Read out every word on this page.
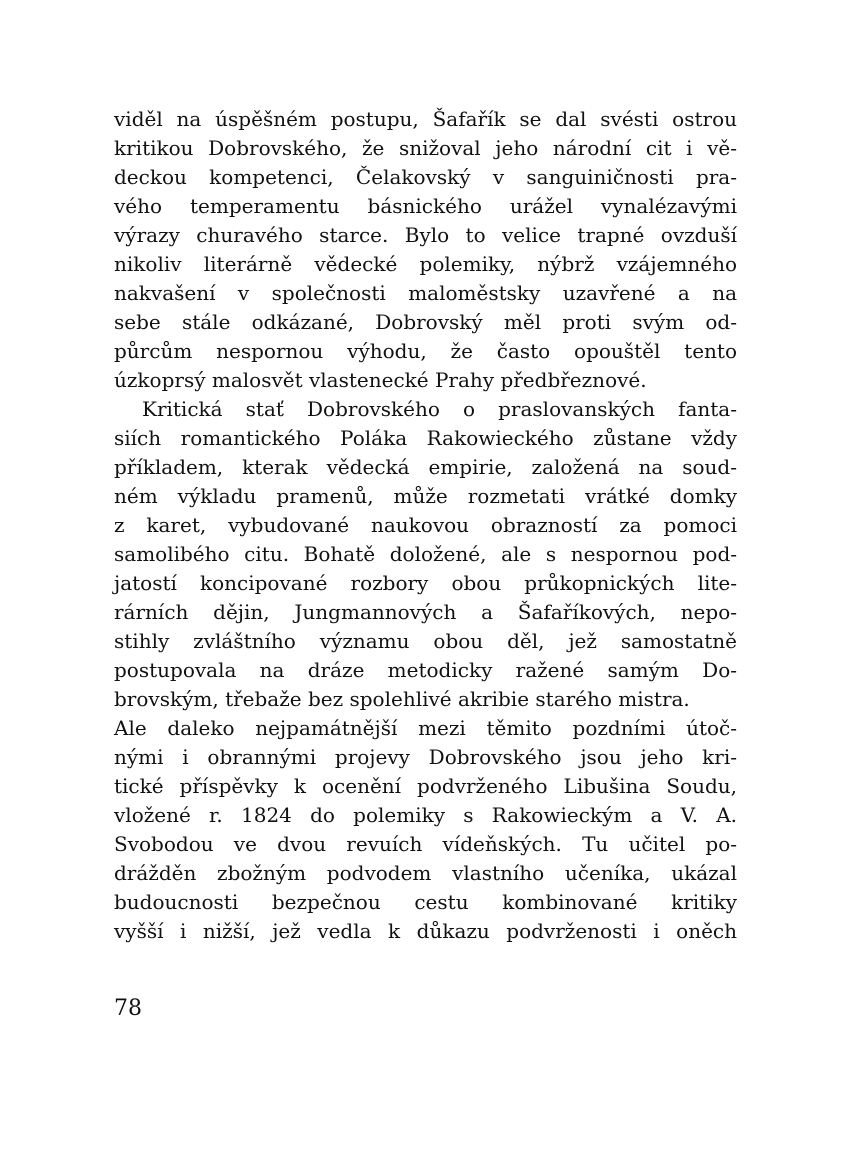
viděl na úspěšném postupu, Šafařík se dal svésti ostrou
kritikou Dobrovského, že snižoval jeho národní cit i vě-
deckou kompetenci, Čelakovský v sanguiničnosti pra-
vého temperamentu básnického urážel vynalézavými
výrazy churavého starce. Bylo to velice trapné ovzduší
nikoliv literárně vědecké polemiky, nýbrž vzájemného
nakvašení v společnosti maloměstsky uzavřené a na
sebe stále odkázané, Dobrovský měl proti svým od-
půrcům nespornou výhodu, že často opouštěl tento
úzkoprsý malosvět vlastenecké Prahy předbřeznové.
Kritická stať Dobrovského o praslovanských fanta-
siích romantického Poláka Rakowieckého zůstane vždy
příkladem, kterak vědecká empirie, založená na soud-
ném výkladu pramenů, může rozmetati vrátké domky
z karet, vybudované naukovou obrazností za pomoci
samolibého citu. Bohatě doložené, ale s nespornou pod-
jatostí koncipované rozbory obou průkopnických lite-
rárních dějin, Jungmannových a Šafaříkových, nepo-
stihly zvláštního významu obou děl, jež samostatně
postupovala na dráze metodicky ražené samým Do-
brovským, třebaže bez spolehlivé akribie starého mistra.
Ale daleko nejpamátnější mezi těmito pozdními útoč-
nými i obrannými projevy Dobrovského jsou jeho kri-
tické příspěvky k ocenění podvrženého Libušina Soudu,
vložené r. 1824 do polemiky s Rakowieckým a V. A.
Svobodou ve dvou revuích vídeňských. Tu učitel po-
drážděn zbožným podvodem vlastního učeníka, ukázal
budoucnosti bezpečnou cestu kombinované kritiky
vyšší i nižší, jež vedla k důkazu podvrženosti i oněch
78
